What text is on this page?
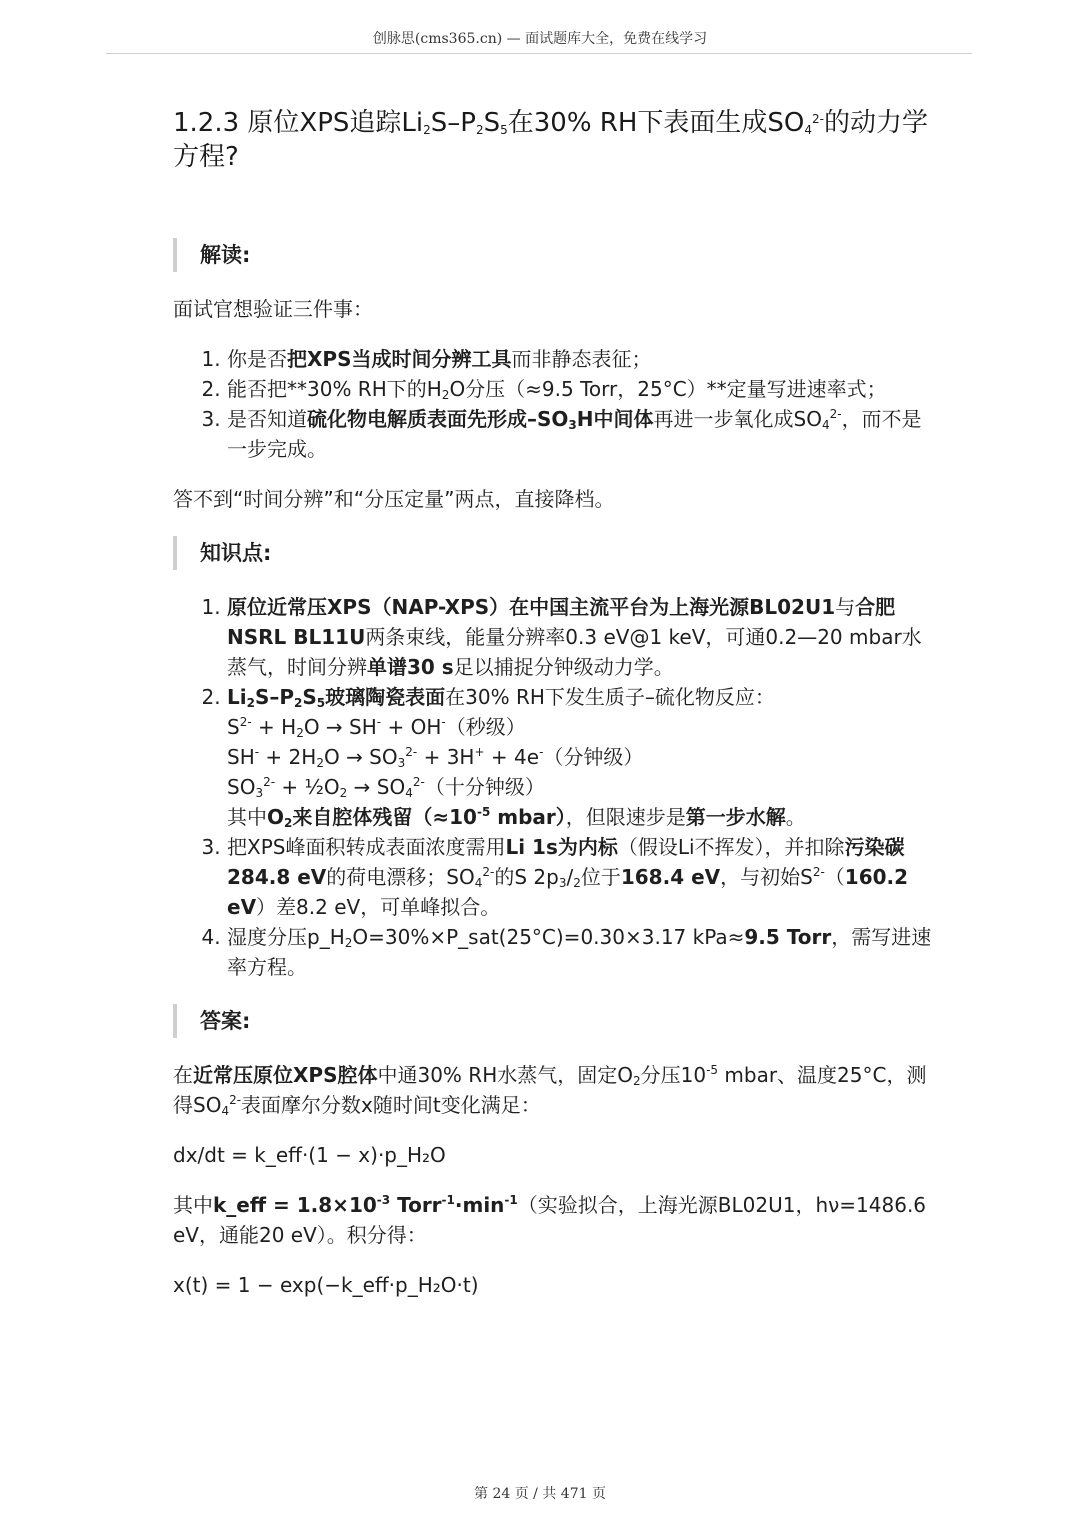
创脉思(cms365.cn) — 面试题库大全，免费在线学习
1.2.3 原位XPS追踪$Li_2S-P_2S_5$在30% RH下表面生成$SO_4^{2-}$的动力学方程?
解读:

面试官想验证三件事：

1. 你是否把XPS当成时间分辨工具而非静态表征；
2. 能否把**30% RH下的$H_2O$分压（≈9.5 Torr，25°C）**定量写进速率式；
3. 是否知道硫化物电解质表面先形成$-SO_3H$中间体再进一步氧化成$SO_4^{2-}$，而不是一步完成。

答不到“时间分辨”和“分压定量”两点，直接降档。

知识点:
1. 原位近常压XPS（NAP-XPS）在中国主流平台为上海光源BL02U1与合肥NSRL BL11U两条束线，能量分辨率0.3 eV@1 keV，可通0.2—20 mbar水蒸气，时间分辨单谱30 s足以捕捉分钟级动力学。
2. $Li_2S-P_2S_5$玻璃陶瓷表面在30% RH下发生质子–硫化物反应：
$S^{2-} + H_2O \to SH^- + OH^-$（秒级）
$SH^- + 2H_2O \to SO_3^{2-} + 3H^+ + 4e^-$（分钟级）
$SO_3^{2-}$ + $\frac{1}{2}O_2 \to SO_4^{2-}$（十分钟级）
其中$O_2$来自腔体残留（$\approx 10^{-5}$ mbar），但限速步是第一步水解。
3. 把XPS峰面积转成表面浓度需用Li 1s为内标（假设Li不挥发），并扣除污染碳284.8 eV的荷电漂移；$SO_4^{2-}$的S $2p_3/_2$位于168.4 eV，与初始$S^{2-}(160.2$ eV）差8.2 eV，可单峰拟合。
4. 湿度分压$p\_H_2O=30\%\times P\_sat(25^\circ C)=0.30\times 3.17$ kPa≈9.5 Torr，需写进速率方程。
答案:

在近常压原位XPS腔体中通30% RH水蒸气，固定$O_2$分压$10^{-5}$ mbar、温度25°C，测得$SO_4^{2-}$表面摩尔分数x随时间t变化满足：

dx/dt = k_eff·(1 − x)·p_H₂O

其中k_eff = $1.8\times 10^{-3}$ $Torr^{-1}\cdot\min^{-1}$（实验拟合，上海光源BL02U1，hν=1486.6 eV，通能20 eV）。积分得：

x(t) = 1 − exp(−k_eff·p_H₂O·t)

第 24 页 / 共 471 页
